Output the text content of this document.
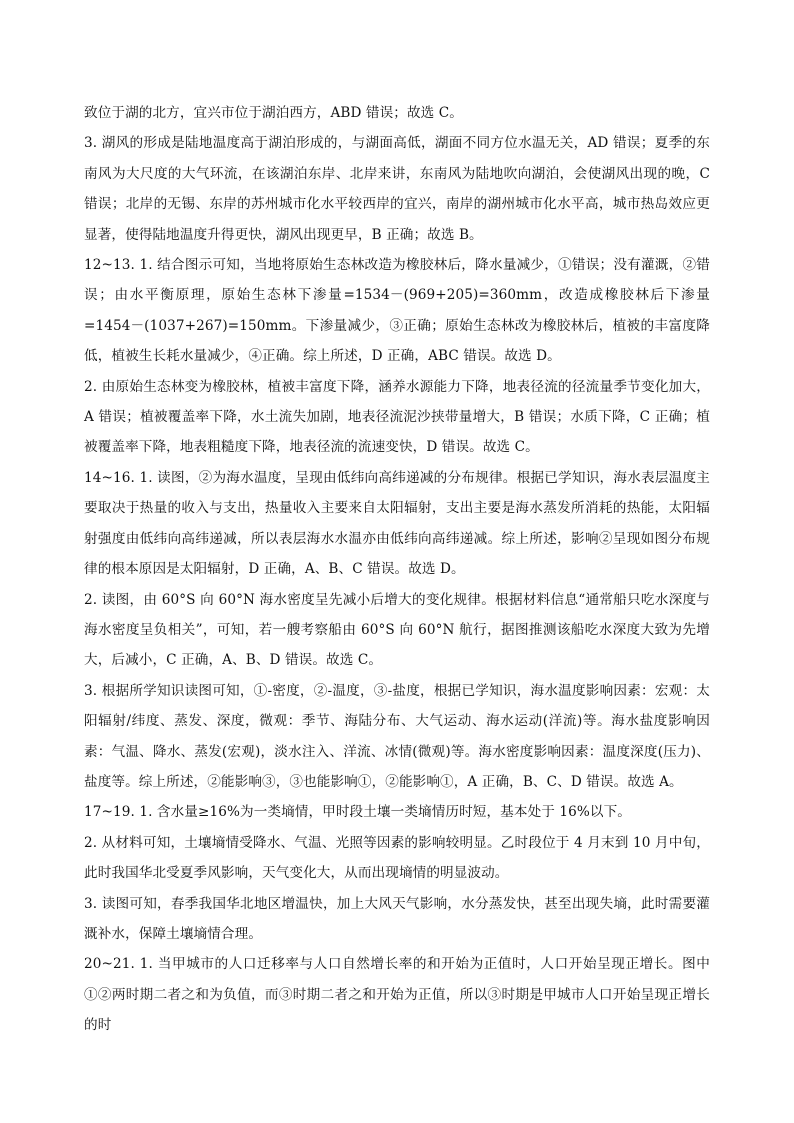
致位于湖的北方，宜兴市位于湖泊西方，ABD 错误；故选 C。

3. 湖风的形成是陆地温度高于湖泊形成的，与湖面高低，湖面不同方位水温无关，AD 错误；夏季的东南风为大尺度的大气环流，在该湖泊东岸、北岸来讲，东南风为陆地吹向湖泊，会使湖风出现的晚，C 错误；北岸的无锡、东岸的苏州城市化水平较西岸的宜兴，南岸的湖州城市化水平高，城市热岛效应更显著，使得陆地温度升得更快，湖风出现更早，B 正确；故选 B。

12~13. 1. 结合图示可知，当地将原始生态林改造为橡胶林后，降水量减少，①错误；没有灌溉，②错误；由水平衡原理，原始生态林下渗量=1534－(969+205)=360mm，改造成橡胶林后下渗量=1454－(1037+267)=150mm。下渗量减少，③正确；原始生态林改为橡胶林后，植被的丰富度降低，植被生长耗水量减少，④正确。综上所述，D 正确，ABC 错误。故选 D。

2. 由原始生态林变为橡胶林，植被丰富度下降，涵养水源能力下降，地表径流的径流量季节变化加大，A 错误；植被覆盖率下降，水土流失加剧，地表径流泥沙挟带量增大，B 错误；水质下降，C 正确；植被覆盖率下降，地表粗糙度下降，地表径流的流速变快，D 错误。故选 C。

14~16. 1. 读图，②为海水温度，呈现由低纬向高纬递减的分布规律。根据已学知识，海水表层温度主要取决于热量的收入与支出，热量收入主要来自太阳辐射，支出主要是海水蒸发所消耗的热能，太阳辐射强度由低纬向高纬递减，所以表层海水水温亦由低纬向高纬递减。综上所述，影响②呈现如图分布规律的根本原因是太阳辐射，D 正确，A、B、C 错误。故选 D。

2. 读图，由 60°S 向 60°N 海水密度呈先减小后增大的变化规律。根据材料信息“通常船只吃水深度与海水密度呈负相关”，可知，若一艘考察船由 60°S 向 60°N 航行，据图推测该船吃水深度大致为先增大，后减小，C 正确，A、B、D 错误。故选 C。

3. 根据所学知识读图可知，①-密度，②-温度，③-盐度，根据已学知识，海水温度影响因素：宏观：太阳辐射/纬度、蒸发、深度，微观：季节、海陆分布、大气运动、海水运动(洋流)等。海水盐度影响因素：气温、降水、蒸发(宏观)，淡水注入、洋流、冰情(微观)等。海水密度影响因素：温度深度(压力)、盐度等。综上所述，②能影响③，③也能影响①，②能影响①，A 正确，B、C、D 错误。故选 A。

17~19. 1. 含水量≥16%为一类墒情，甲时段土壤一类墒情历时短，基本处于 16%以下。

2. 从材料可知，土壤墒情受降水、气温、光照等因素的影响较明显。乙时段位于 4 月末到 10 月中旬，此时我国华北受夏季风影响，天气变化大，从而出现墒情的明显波动。

3. 读图可知，春季我国华北地区增温快，加上大风天气影响，水分蒸发快，甚至出现失墒，此时需要灌溉补水，保障土壤墒情合理。

20~21. 1. 当甲城市的人口迁移率与人口自然增长率的和开始为正值时，人口开始呈现正增长。图中①②两时期二者之和为负值，而③时期二者之和开始为正值，所以③时期是甲城市人口开始呈现正增长的时
